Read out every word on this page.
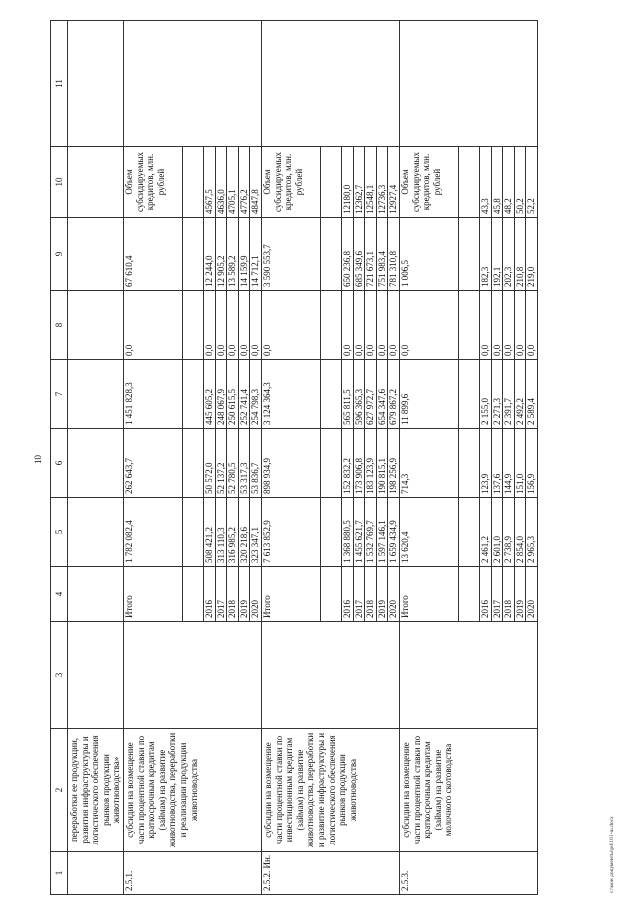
10
1	2	3	4	5	6	7	8	9	10	11
	переработки ее продукции, развития инфраструктуры и логистического обеспечения рынков продукции животноводства»									
2.5.1.	субсидии на возмещение части процентной ставки по краткосрочным кредитам (займам) на развитие животноводства, переработки и реализации продукции животноводства		Итого	1 782 082,4	262 643,7	1 451 828,3	0,0	67 610,4	Объем субсидируемых кредитов, млн. рублей	

			2016	508 421,2	50 572,0	445 605,2	0,0	12 244,0	4567,5	
			2017	313 110,3	52 137,2	248 067,9	0,0	12 905,2	4636,0	
			2018	316 985,2	52 780,5	250 615,5	0,0	13 589,2	4705,1	
			2019	320 218,6	53 317,3	252 741,4	0,0	14 159,9	4776,2	
			2020	323 347,1	53 836,7	254 798,3	0,0	14 712,1	4847,8	
2.5.2. Ин.	субсидии на возмещение части процентной ставки по инвестиционным кредитам (займам) на развитие животноводства, переработки и развитие инфраструктуры и логистического обеспечения рынков продукции животноводства		Итого	7 613 852,9	898 934,9	3 124 364,3	0,0	3 590 553,7	Объем субсидируемых кредитов, млн. рублей	

			2016	1 368 880,5	152 832,2	565 811,5	0,0	650 236,8	12180,0	
			2017	1 455 621,7	173 906,8	596 365,3	0,0	685 349,6	12362,7	
			2018	1 532 769,7	183 123,9	627 972,7	0,0	721 673,1	12548,1	
			2019	1 597 146,1	190 815,1	654 347,6	0,0	751 983,4	12736,3	
			2020	1 659 434,9	198 256,9	679 867,2	0,0	781 310,8	12927,4	
2.5.3.	субсидии на возмещение части процентной ставки по краткосрочным кредитам (займам) на развитие молочного скотоводства		Итого	13 620,4	714,3	11 899,6	0,0	1 006,5	Объем субсидируемых кредитов, млн. рублей	

			2016	2 461,2	123,9	2 155,0	0,0	182,3	43,3	
			2017	2 601,0	137,6	2 271,3	0,0	192,1	45,8	
			2018	2 738,9	144,9	2 391,7	0,0	202,3	48,2	
			2019	2 854,0	151,0	2 492,2	0,0	210,8	50,2	
			2020	2 965,3	156,9	2 589,4	0,0	219,0	52,2	
c:\мои документы\pd\101-ш.docx
